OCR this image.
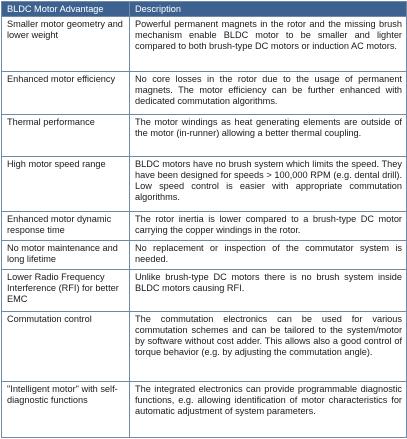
BLDC Motor Advantage	Description
Smaller motor geometry and lower weight	Powerful permanent magnets in the rotor and the missing brush mechanism enable BLDC motor to be smaller and lighter compared to both brush-type DC motors or induction AC motors.
Enhanced motor efficiency	No core losses in the rotor due to the usage of permanent magnets. The motor efficiency can be further enhanced with dedicated commutation algorithms.
Thermal performance	The motor windings as heat generating elements are outside of the motor (in-runner) allowing a better thermal coupling.
High motor speed range	BLDC motors have no brush system which limits the speed. They have been designed for speeds > 100,000 RPM (e.g. dental drill). Low speed control is easier with appropriate commutation algorithms.
Enhanced motor dynamic response time	The rotor inertia is lower compared to a brush-type DC motor carrying the copper windings in the rotor.
No motor maintenance and long lifetime	No replacement or inspection of the commutator system is needed.
Lower Radio Frequency Interference (RFI) for better EMC	Unlike brush-type DC motors there is no brush system inside BLDC motors causing RFI.
Commutation control	The commutation electronics can be used for various commutation schemes and can be tailored to the system/motor by software without cost adder. This allows also a good control of torque behavior (e.g. by adjusting the commutation angle).
"Intelligent motor" with self-diagnostic functions	The integrated electronics can provide programmable diagnostic functions, e.g. allowing identification of motor characteristics for automatic adjustment of system parameters.
